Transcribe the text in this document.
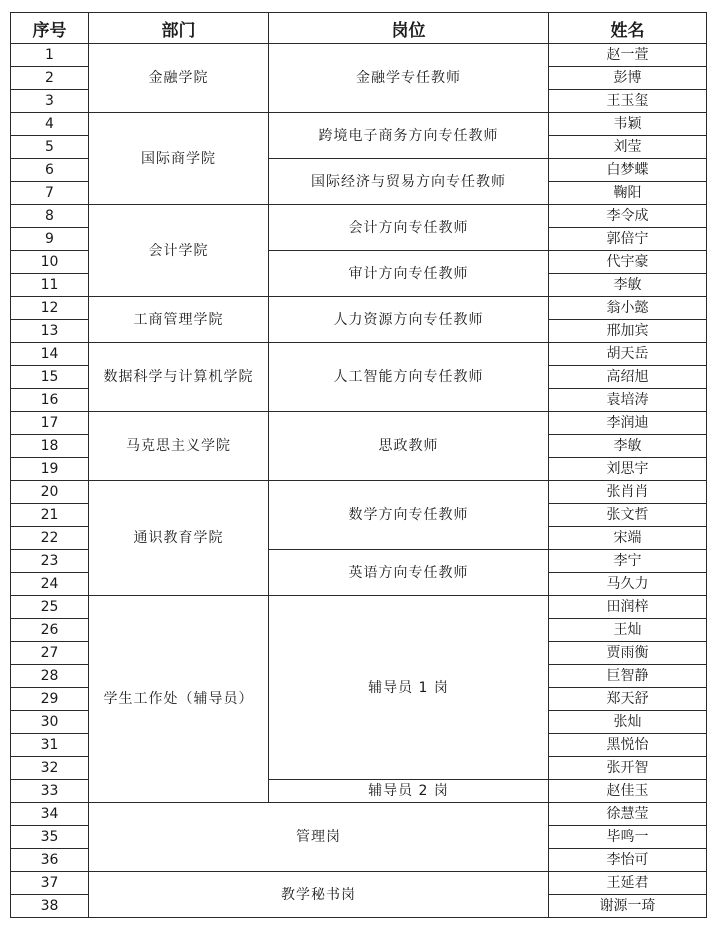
序号	部门	岗位	姓名
1	金融学院	金融学专任教师	赵一萱
2			彭博
3			王玉玺
4	国际商学院	跨境电子商务方向专任教师	韦颖
5			刘莹
6		国际经济与贸易方向专任教师	白梦蝶
7			鞠阳
8	会计学院	会计方向专任教师	李令成
9			郭倍宁
10		审计方向专任教师	代宇豪
11			李敏
12	工商管理学院	人力资源方向专任教师	翁小懿
13			邢加宾
14	数据科学与计算机学院	人工智能方向专任教师	胡天岳
15			高绍旭
16			袁培涛
17	马克思主义学院	思政教师	李润迪
18			李敏
19			刘思宇
20	通识教育学院	数学方向专任教师	张肖肖
21			张文哲
22			宋端
23		英语方向专任教师	李宁
24			马久力
25	学生工作处（辅导员）	辅导员 1 岗	田润梓
26			王灿
27			贾雨衡
28			巨智静
29			郑天舒
30			张灿
31			黑悦怡
32			张开智
33		辅导员 2 岗	赵佳玉
34	管理岗		徐慧莹
35			毕鸣一
36			李怡可
37	教学秘书岗		王延君
38			谢源一琦
